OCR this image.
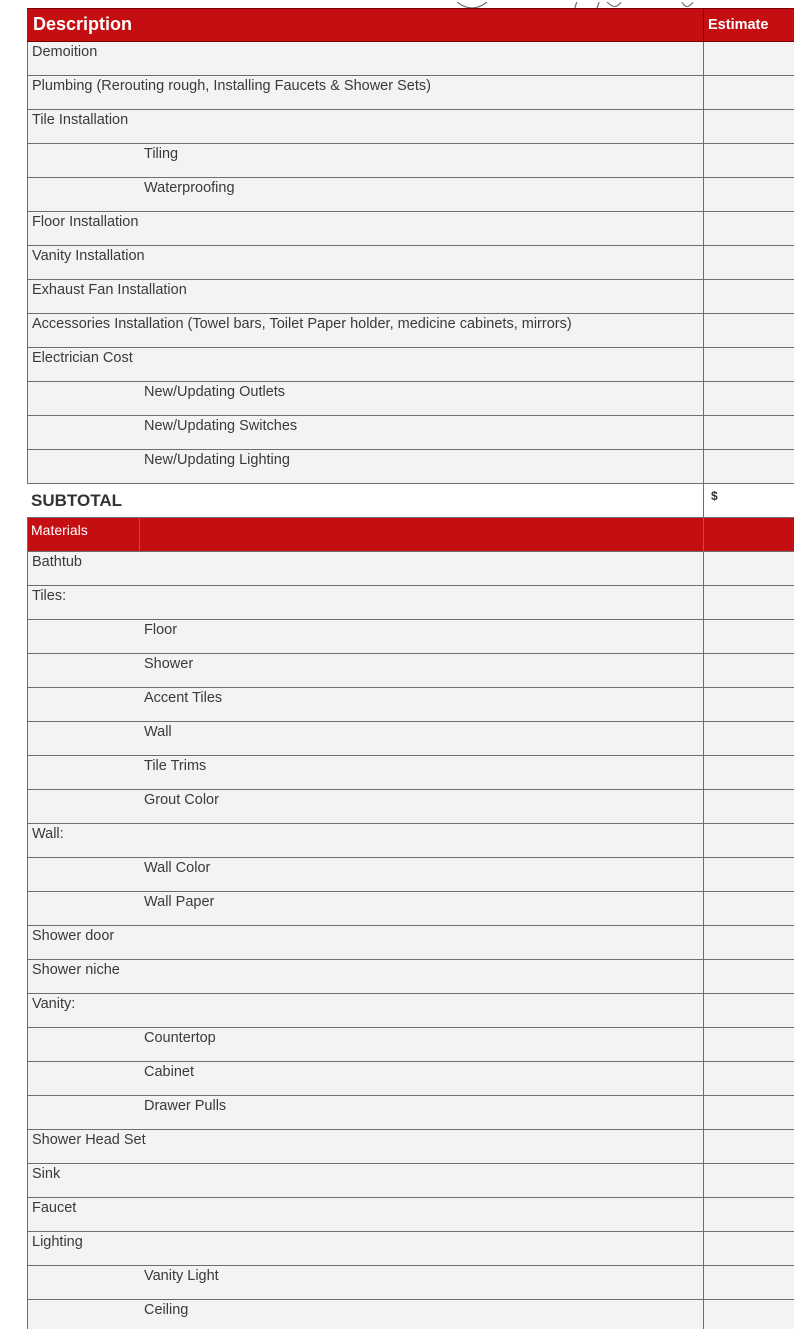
Description	Estimate
Demoition
Plumbing (Rerouting rough, Installing Faucets & Shower Sets)
Tile Installation
Tiling
Waterproofing
Floor Installation
Vanity Installation
Exhaust Fan Installation
Accessories Installation (Towel bars, Toilet Paper holder, medicine cabinets, mirrors)
Electrician Cost
New/Updating Outlets
New/Updating Switches
New/Updating Lighting
SUBTOTAL	$
Materials
Bathtub
Tiles:
Floor
Shower
Accent Tiles
Wall
Tile Trims
Grout Color
Wall:
Wall Color
Wall Paper
Shower door
Shower niche
Vanity:
Countertop
Cabinet
Drawer Pulls
Shower Head Set
Sink
Faucet
Lighting
Vanity Light
Ceiling
